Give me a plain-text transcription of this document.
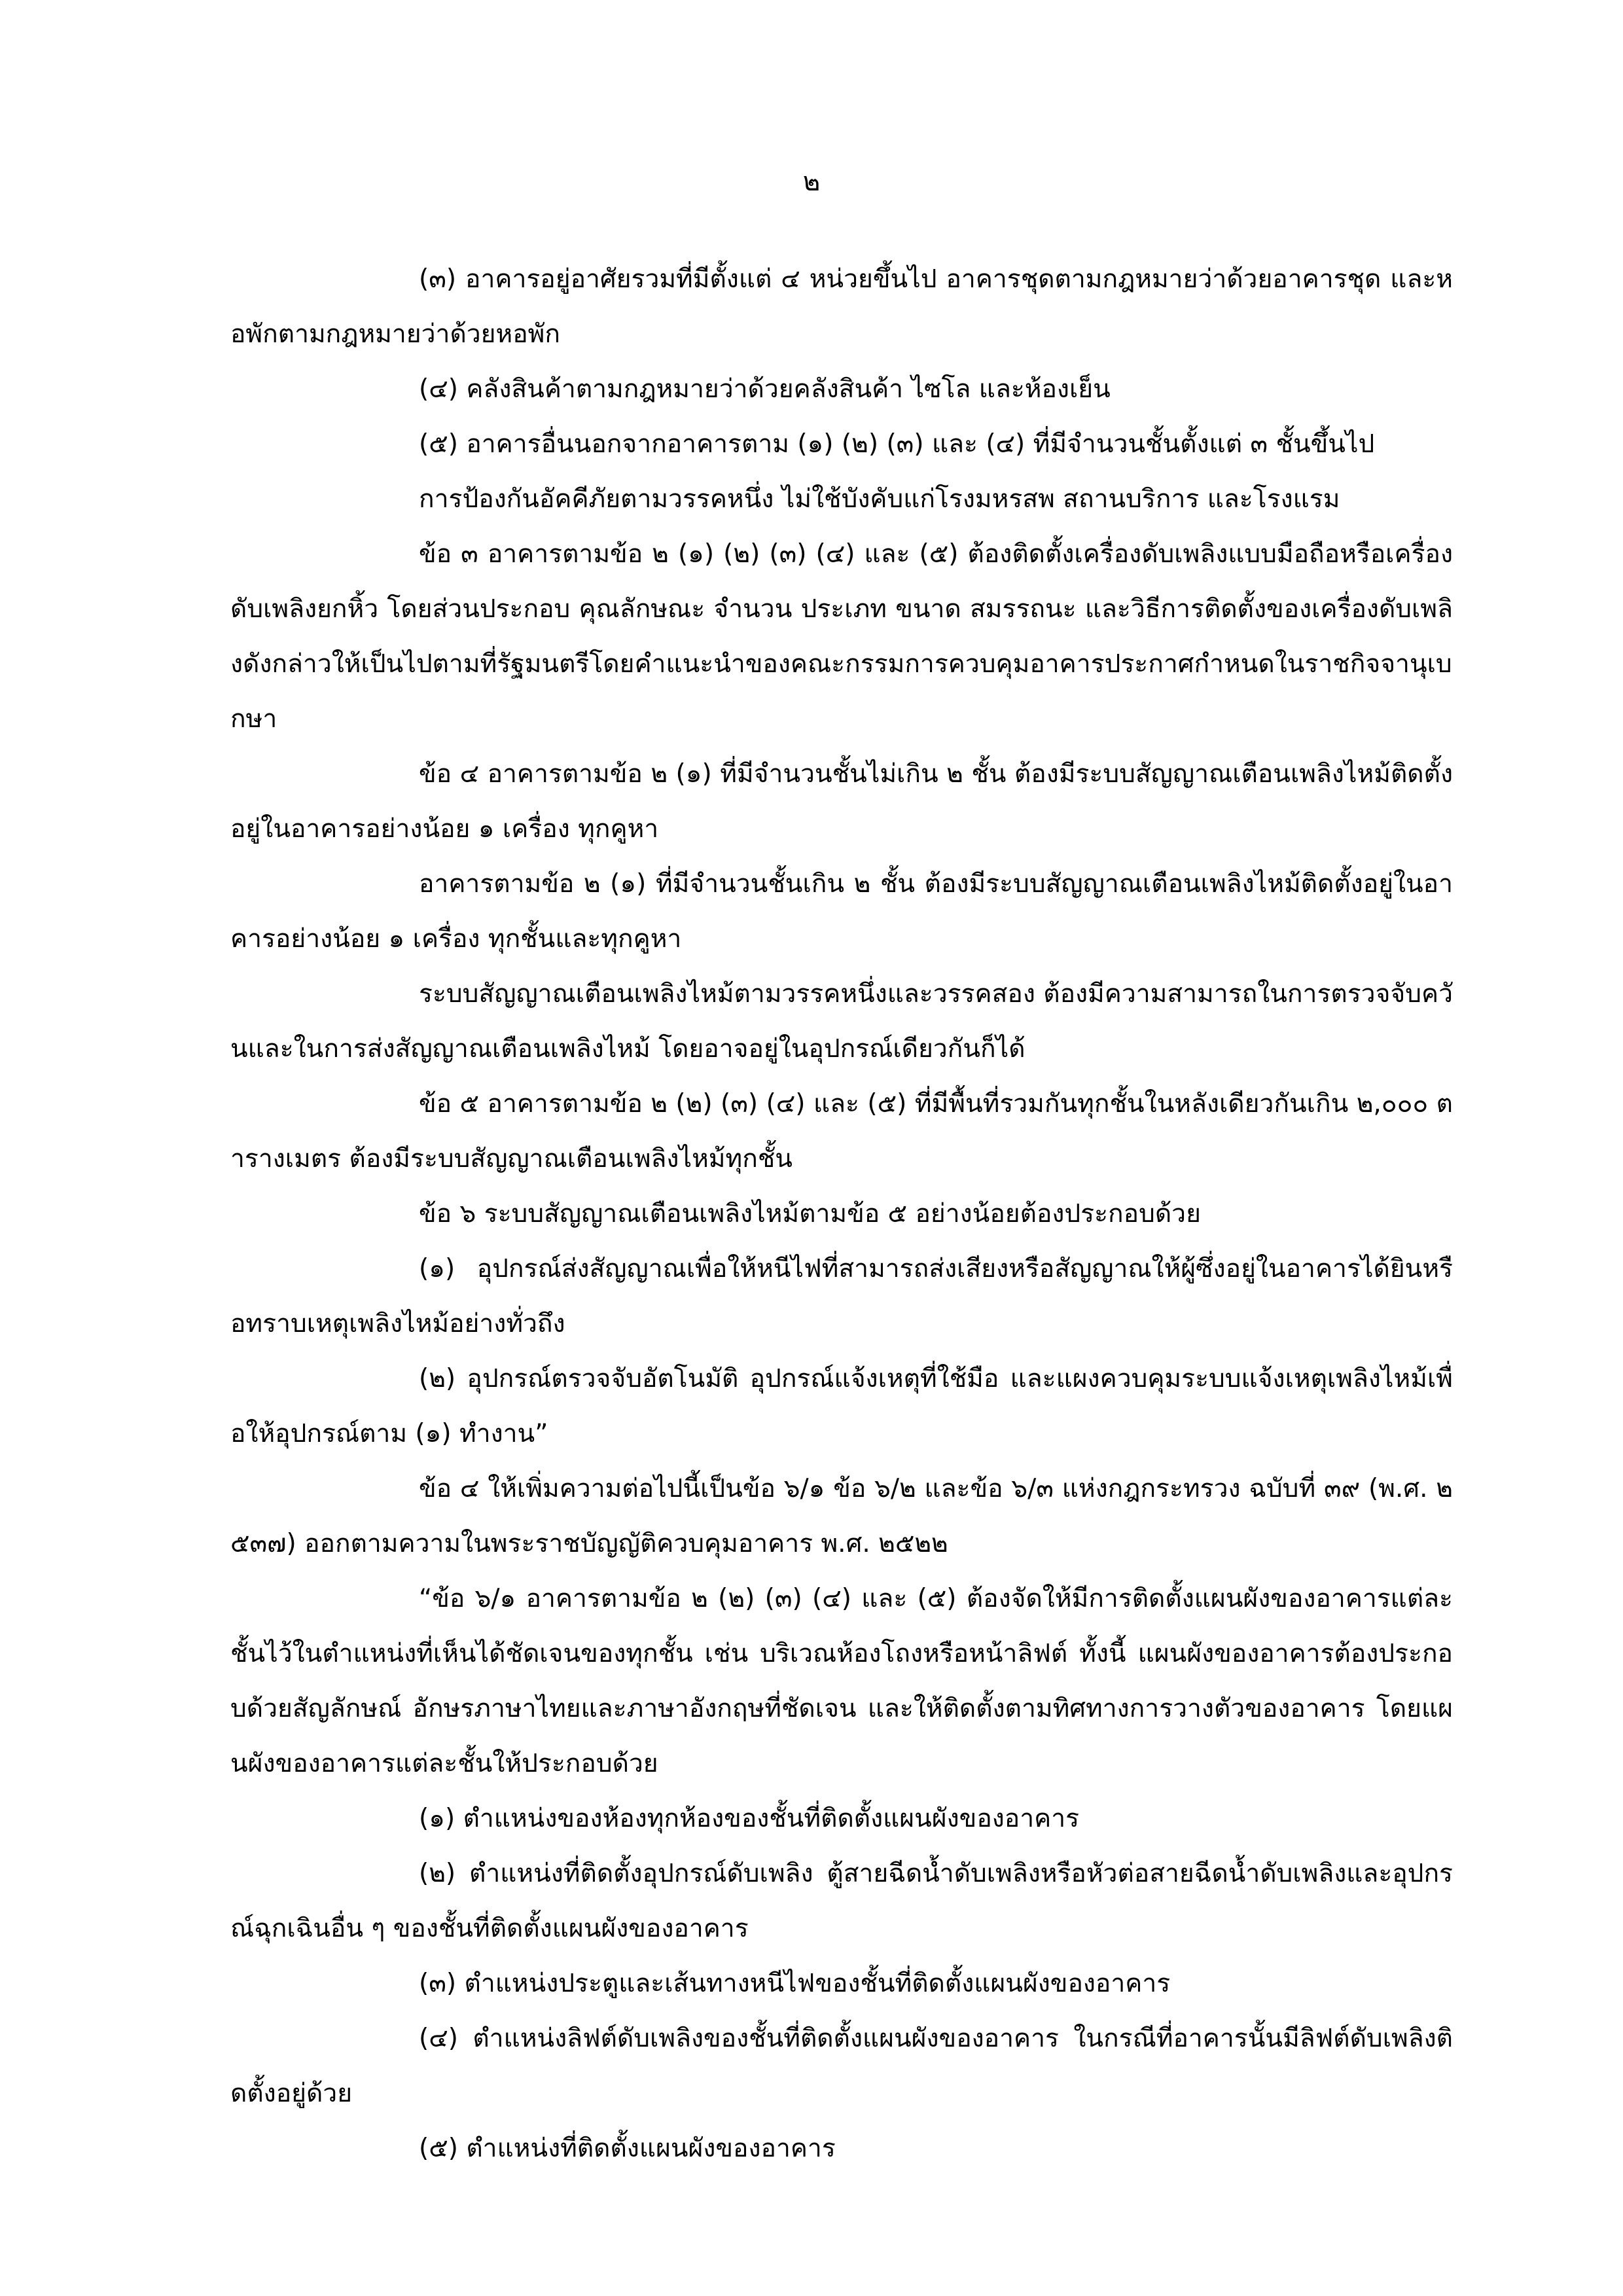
๒

(๓) อาคารอยู่อาศัยรวมที่มีตั้งแต่ ๔ หน่วยขึ้นไป อาคารชุดตามกฎหมายว่าด้วยอาคารชุด และหอพักตามกฎหมายว่าด้วยหอพัก

(๔) คลังสินค้าตามกฎหมายว่าด้วยคลังสินค้า ไซโล และห้องเย็น

(๕) อาคารอื่นนอกจากอาคารตาม (๑) (๒) (๓) และ (๔) ที่มีจำนวนชั้นตั้งแต่ ๓ ชั้นขึ้นไป

การป้องกันอัคคีภัยตามวรรคหนึ่ง ไม่ใช้บังคับแก่โรงมหรสพ สถานบริการ และโรงแรม

ข้อ ๓ อาคารตามข้อ ๒ (๑) (๒) (๓) (๔) และ (๕) ต้องติดตั้งเครื่องดับเพลิงแบบมือถือหรือเครื่องดับเพลิงยกหิ้ว โดยส่วนประกอบ คุณลักษณะ จำนวน ประเภท ขนาด สมรรถนะ และวิธีการติดตั้งของเครื่องดับเพลิงดังกล่าวให้เป็นไปตามที่รัฐมนตรีโดยคำแนะนำของคณะกรรมการควบคุมอาคารประกาศกำหนดในราชกิจจานุเบกษา

ข้อ ๔ อาคารตามข้อ ๒ (๑) ที่มีจำนวนชั้นไม่เกิน ๒ ชั้น ต้องมีระบบสัญญาณเตือนเพลิงไหม้ติดตั้งอยู่ในอาคารอย่างน้อย ๑ เครื่อง ทุกคูหา

อาคารตามข้อ ๒ (๑) ที่มีจำนวนชั้นเกิน ๒ ชั้น ต้องมีระบบสัญญาณเตือนเพลิงไหม้ติดตั้งอยู่ในอาคารอย่างน้อย ๑ เครื่อง ทุกชั้นและทุกคูหา

ระบบสัญญาณเตือนเพลิงไหม้ตามวรรคหนึ่งและวรรคสอง ต้องมีความสามารถในการตรวจจับควันและในการส่งสัญญาณเตือนเพลิงไหม้ โดยอาจอยู่ในอุปกรณ์เดียวกันก็ได้

ข้อ ๕ อาคารตามข้อ ๒ (๒) (๓) (๔) และ (๕) ที่มีพื้นที่รวมกันทุกชั้นในหลังเดียวกันเกิน ๒,๐๐๐ ตารางเมตร ต้องมีระบบสัญญาณเตือนเพลิงไหม้ทุกชั้น

ข้อ ๖ ระบบสัญญาณเตือนเพลิงไหม้ตามข้อ ๕ อย่างน้อยต้องประกอบด้วย

(๑) อุปกรณ์ส่งสัญญาณเพื่อให้หนีไฟที่สามารถส่งเสียงหรือสัญญาณให้ผู้ซึ่งอยู่ในอาคารได้ยินหรือทราบเหตุเพลิงไหม้อย่างทั่วถึง

(๒) อุปกรณ์ตรวจจับอัตโนมัติ อุปกรณ์แจ้งเหตุที่ใช้มือ และแผงควบคุมระบบแจ้งเหตุเพลิงไหม้เพื่อให้อุปกรณ์ตาม (๑) ทำงาน”

ข้อ ๔ ให้เพิ่มความต่อไปนี้เป็นข้อ ๖/๑ ข้อ ๖/๒ และข้อ ๖/๓ แห่งกฎกระทรวง ฉบับที่ ๓๙ (พ.ศ. ๒๕๓๗) ออกตามความในพระราชบัญญัติควบคุมอาคาร พ.ศ. ๒๕๒๒

“ข้อ ๖/๑ อาคารตามข้อ ๒ (๒) (๓) (๔) และ (๕) ต้องจัดให้มีการติดตั้งแผนผังของอาคารแต่ละชั้นไว้ในตำแหน่งที่เห็นได้ชัดเจนของทุกชั้น เช่น บริเวณห้องโถงหรือหน้าลิฟต์ ทั้งนี้ แผนผังของอาคารต้องประกอบด้วยสัญลักษณ์ อักษรภาษาไทยและภาษาอังกฤษที่ชัดเจน และให้ติดตั้งตามทิศทางการวางตัวของอาคาร โดยแผนผังของอาคารแต่ละชั้นให้ประกอบด้วย

(๑) ตำแหน่งของห้องทุกห้องของชั้นที่ติดตั้งแผนผังของอาคาร

(๒) ตำแหน่งที่ติดตั้งอุปกรณ์ดับเพลิง ตู้สายฉีดน้ำดับเพลิงหรือหัวต่อสายฉีดน้ำดับเพลิงและอุปกรณ์ฉุกเฉินอื่น ๆ ของชั้นที่ติดตั้งแผนผังของอาคาร

(๓) ตำแหน่งประตูและเส้นทางหนีไฟของชั้นที่ติดตั้งแผนผังของอาคาร

(๔) ตำแหน่งลิฟต์ดับเพลิงของชั้นที่ติดตั้งแผนผังของอาคาร ในกรณีที่อาคารนั้นมีลิฟต์ดับเพลิงติดตั้งอยู่ด้วย

(๕) ตำแหน่งที่ติดตั้งแผนผังของอาคาร
